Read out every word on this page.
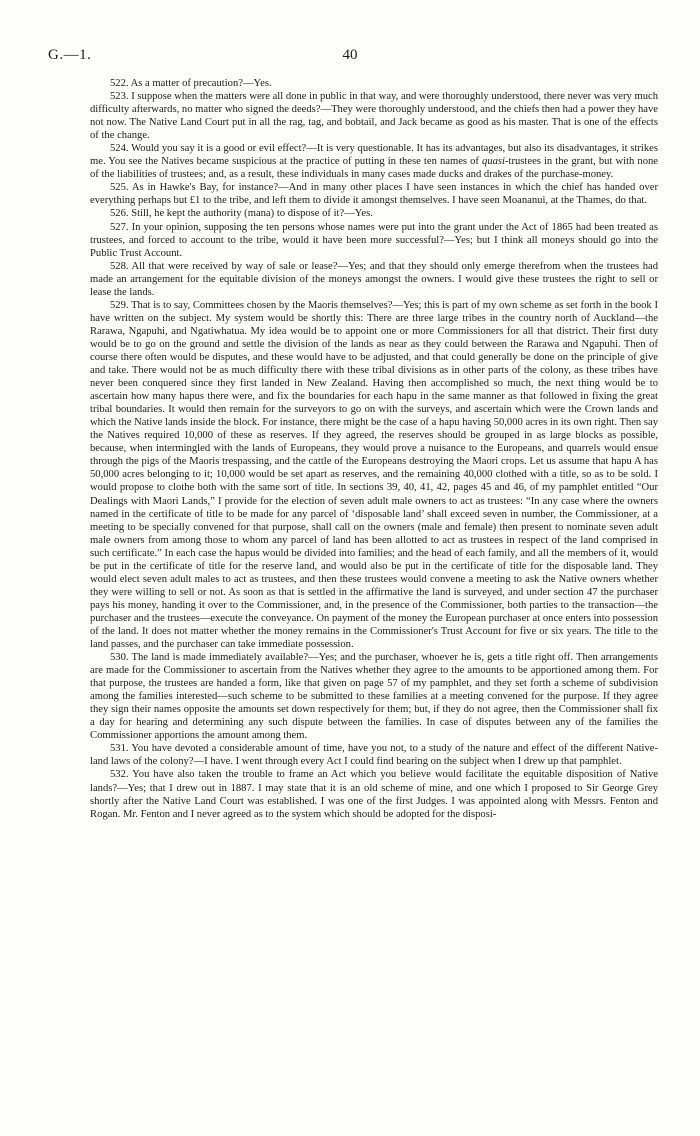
G.—1.	40

522. As a matter of precaution?—Yes.

523. I suppose when the matters were all done in public in that way, and were thoroughly understood, there never was very much difficulty afterwards, no matter who signed the deeds?—They were thoroughly understood, and the chiefs then had a power they have not now. The Native Land Court put in all the rag, tag, and bobtail, and Jack became as good as his master. That is one of the effects of the change.

524. Would you say it is a good or evil effect?—It is very questionable. It has its advantages, but also its disadvantages, it strikes me. You see the Natives became suspicious at the practice of putting in these ten names of quasi-trustees in the grant, but with none of the liabilities of trustees; and, as a result, these individuals in many cases made ducks and drakes of the purchase-money.

525. As in Hawke's Bay, for instance?—And in many other places I have seen instances in which the chief has handed over everything perhaps but £1 to the tribe, and left them to divide it amongst themselves. I have seen Moananui, at the Thames, do that.

526. Still, he kept the authority (mana) to dispose of it?—Yes.

527. In your opinion, supposing the ten persons whose names were put into the grant under the Act of 1865 had been treated as trustees, and forced to account to the tribe, would it have been more successful?—Yes; but I think all moneys should go into the Public Trust Account.

528. All that were received by way of sale or lease?—Yes; and that they should only emerge therefrom when the trustees had made an arrangement for the equitable division of the moneys amongst the owners. I would give these trustees the right to sell or lease the lands.

529. That is to say, Committees chosen by the Maoris themselves?—Yes; this is part of my own scheme as set forth in the book I have written on the subject. My system would be shortly this: There are three large tribes in the country north of Auckland—the Rarawa, Ngapuhi, and Ngatiwhatua. My idea would be to appoint one or more Commissioners for all that district. Their first duty would be to go on the ground and settle the division of the lands as near as they could between the Rarawa and Ngapuhi. Then of course there often would be disputes, and these would have to be adjusted, and that could generally be done on the principle of give and take. There would not be as much difficulty there with these tribal divisions as in other parts of the colony, as these tribes have never been conquered since they first landed in New Zealand. Having then accomplished so much, the next thing would be to ascertain how many hapus there were, and fix the boundaries for each hapu in the same manner as that followed in fixing the great tribal boundaries. It would then remain for the surveyors to go on with the surveys, and ascertain which were the Crown lands and which the Native lands inside the block. For instance, there might be the case of a hapu having 50,000 acres in its own right. Then say the Natives required 10,000 of these as reserves. If they agreed, the reserves should be grouped in as large blocks as possible, because, when intermingled with the lands of Europeans, they would prove a nuisance to the Europeans, and quarrels would ensue through the pigs of the Maoris trespassing, and the cattle of the Europeans destroying the Maori crops. Let us assume that hapu A has 50,000 acres belonging to it; 10,000 would be set apart as reserves, and the remaining 40,000 clothed with a title, so as to be sold. I would propose to clothe both with the same sort of title. In sections 39, 40, 41, 42, pages 45 and 46, of my pamphlet entitled “Our Dealings with Maori Lands,” I provide for the election of seven adult male owners to act as trustees: “In any case where the owners named in the certificate of title to be made for any parcel of ‘disposable land’ shall exceed seven in number, the Commissioner, at a meeting to be specially convened for that purpose, shall call on the owners (male and female) then present to nominate seven adult male owners from among those to whom any parcel of land has been allotted to act as trustees in respect of the land comprised in such certificate.” In each case the hapus would be divided into families; and the head of each family, and all the members of it, would be put in the certificate of title for the reserve land, and would also be put in the certificate of title for the disposable land. They would elect seven adult males to act as trustees, and then these trustees would convene a meeting to ask the Native owners whether they were willing to sell or not. As soon as that is settled in the affirmative the land is surveyed, and under section 47 the purchaser pays his money, handing it over to the Commissioner, and, in the presence of the Commissioner, both parties to the transaction—the purchaser and the trustees—execute the conveyance. On payment of the money the European purchaser at once enters into possession of the land. It does not matter whether the money remains in the Commissioner's Trust Account for five or six years. The title to the land passes, and the purchaser can take immediate possession.

530. The land is made immediately available?—Yes; and the purchaser, whoever he is, gets a title right off. Then arrangements are made for the Commissioner to ascertain from the Natives whether they agree to the amounts to be apportioned among them. For that purpose, the trustees are handed a form, like that given on page 57 of my pamphlet, and they set forth a scheme of subdivision among the families interested—such scheme to be submitted to these families at a meeting convened for the purpose. If they agree they sign their names opposite the amounts set down respectively for them; but, if they do not agree, then the Commissioner shall fix a day for hearing and determining any such dispute between the families. In case of disputes between any of the families the Commissioner apportions the amount among them.

531. You have devoted a considerable amount of time, have you not, to a study of the nature and effect of the different Native-land laws of the colony?—I have. I went through every Act I could find bearing on the subject when I drew up that pamphlet.

532. You have also taken the trouble to frame an Act which you believe would facilitate the equitable disposition of Native lands?—Yes; that I drew out in 1887. I may state that it is an old scheme of mine, and one which I proposed to Sir George Grey shortly after the Native Land Court was established. I was one of the first Judges. I was appointed along with Messrs. Fenton and Rogan. Mr. Fenton and I never agreed as to the system which should be adopted for the disposi-
